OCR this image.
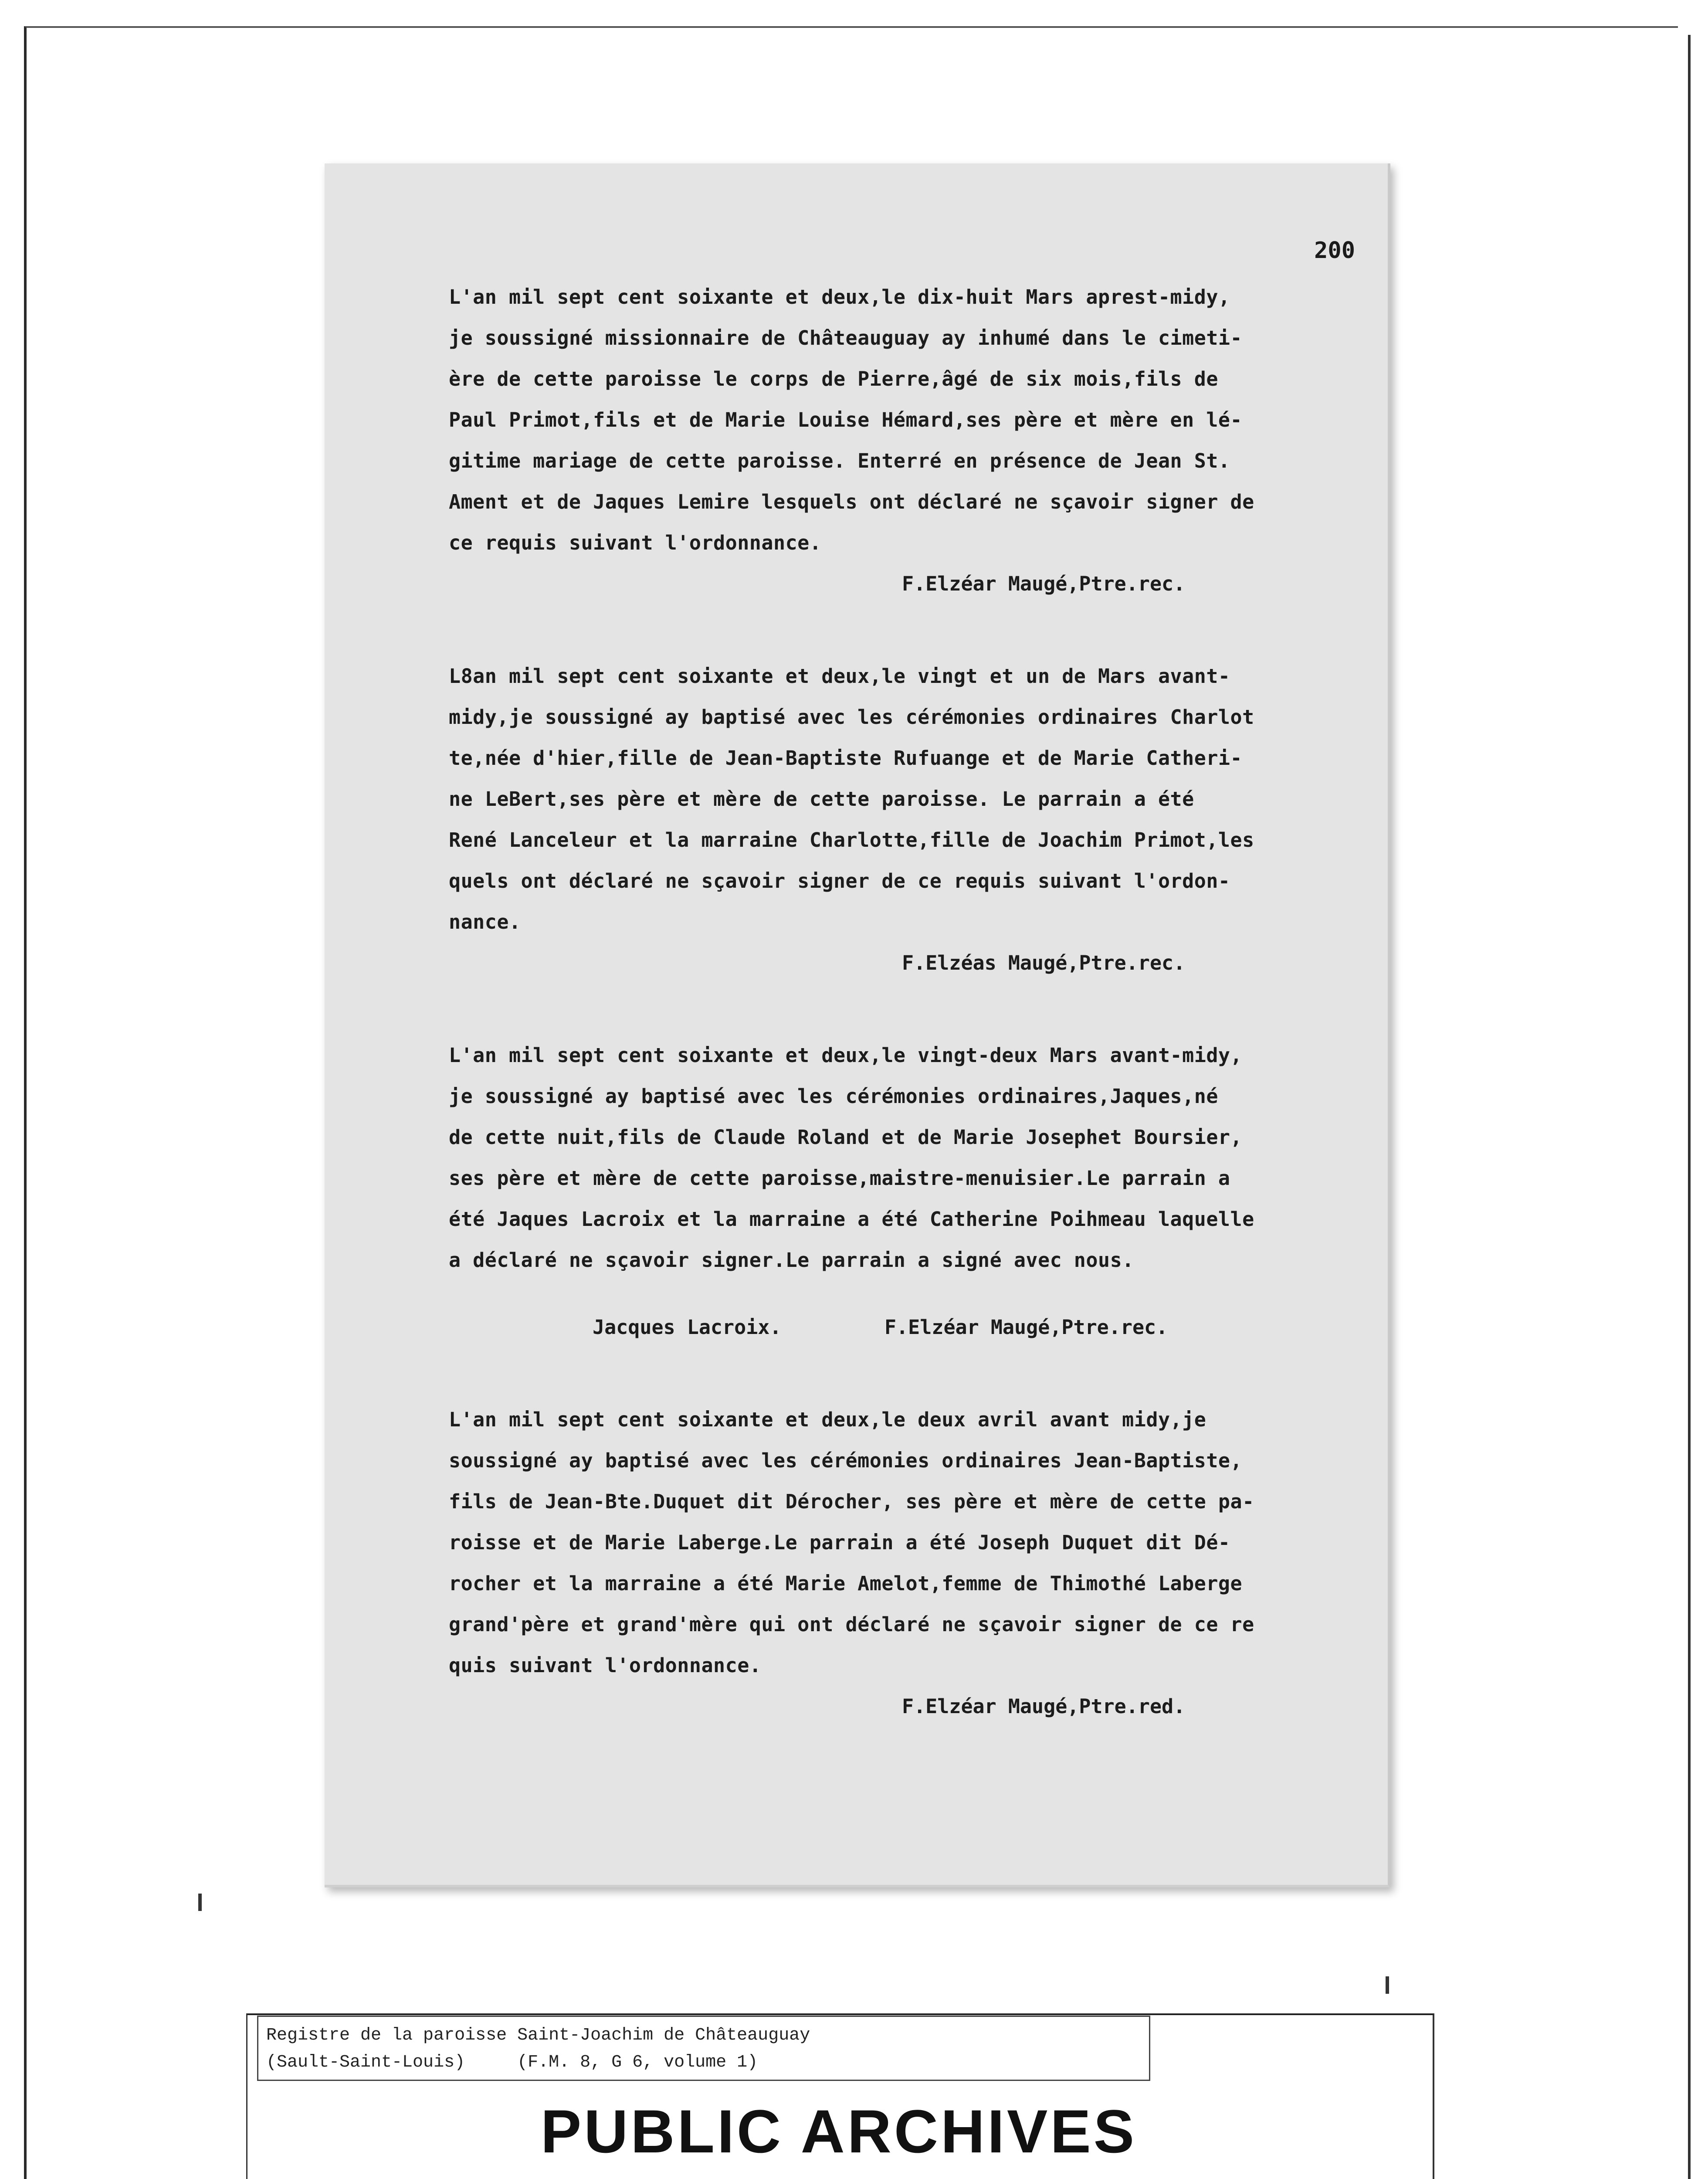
200
L'an mil sept cent soixante et deux,le dix-huit Mars aprest-midy,
je soussigné missionnaire de Châteauguay ay inhumé dans le cimeti-
ère de cette paroisse le corps de Pierre,âgé de six mois,fils de
Paul Primot,fils et de Marie Louise Hémard,ses père et mère en lé-
gitime mariage de cette paroisse. Enterré en présence de Jean St.
Ament et de Jaques Lemire lesquels ont déclaré ne sçavoir signer de
ce requis suivant l'ordonnance.
F.Elzéar Maugé,Ptre.rec.
L8an mil sept cent soixante et deux,le vingt et un de Mars avant-
midy,je soussigné ay baptisé avec les cérémonies ordinaires Charlot
te,née d'hier,fille de Jean-Baptiste Rufuange et de Marie Catheri-
ne LeBert,ses père et mère de cette paroisse. Le parrain a été
René Lanceleur et la marraine Charlotte,fille de Joachim Primot,les
quels ont déclaré ne sçavoir signer de ce requis suivant l'ordon-
nance.
F.Elzéas Maugé,Ptre.rec.
L'an mil sept cent soixante et deux,le vingt-deux Mars avant-midy,
je soussigné ay baptisé avec les cérémonies ordinaires,Jaques,né
de cette nuit,fils de Claude Roland et de Marie Josephet Boursier,
ses père et mère de cette paroisse,maistre-menuisier.Le parrain a
été Jaques Lacroix et la marraine a été Catherine Poihmeau laquelle
a déclaré ne sçavoir signer.Le parrain a signé avec nous.
Jacques Lacroix.	F.Elzéar Maugé,Ptre.rec.
L'an mil sept cent soixante et deux,le deux avril avant midy,je
soussigné ay baptisé avec les cérémonies ordinaires Jean-Baptiste,
fils de Jean-Bte.Duquet dit Dérocher, ses père et mère de cette pa-
roisse et de Marie Laberge.Le parrain a été Joseph Duquet dit Dé-
rocher et la marraine a été Marie Amelot,femme de Thimothé Laberge
grand'père et grand'mère qui ont déclaré ne sçavoir signer de ce re
quis suivant l'ordonnance.
F.Elzéar Maugé,Ptre.red.
Registre de la paroisse Saint-Joachim de Châteauguay
(Sault-Saint-Louis)	(F.M. 8, G 6, volume 1)
PUBLIC ARCHIVES
